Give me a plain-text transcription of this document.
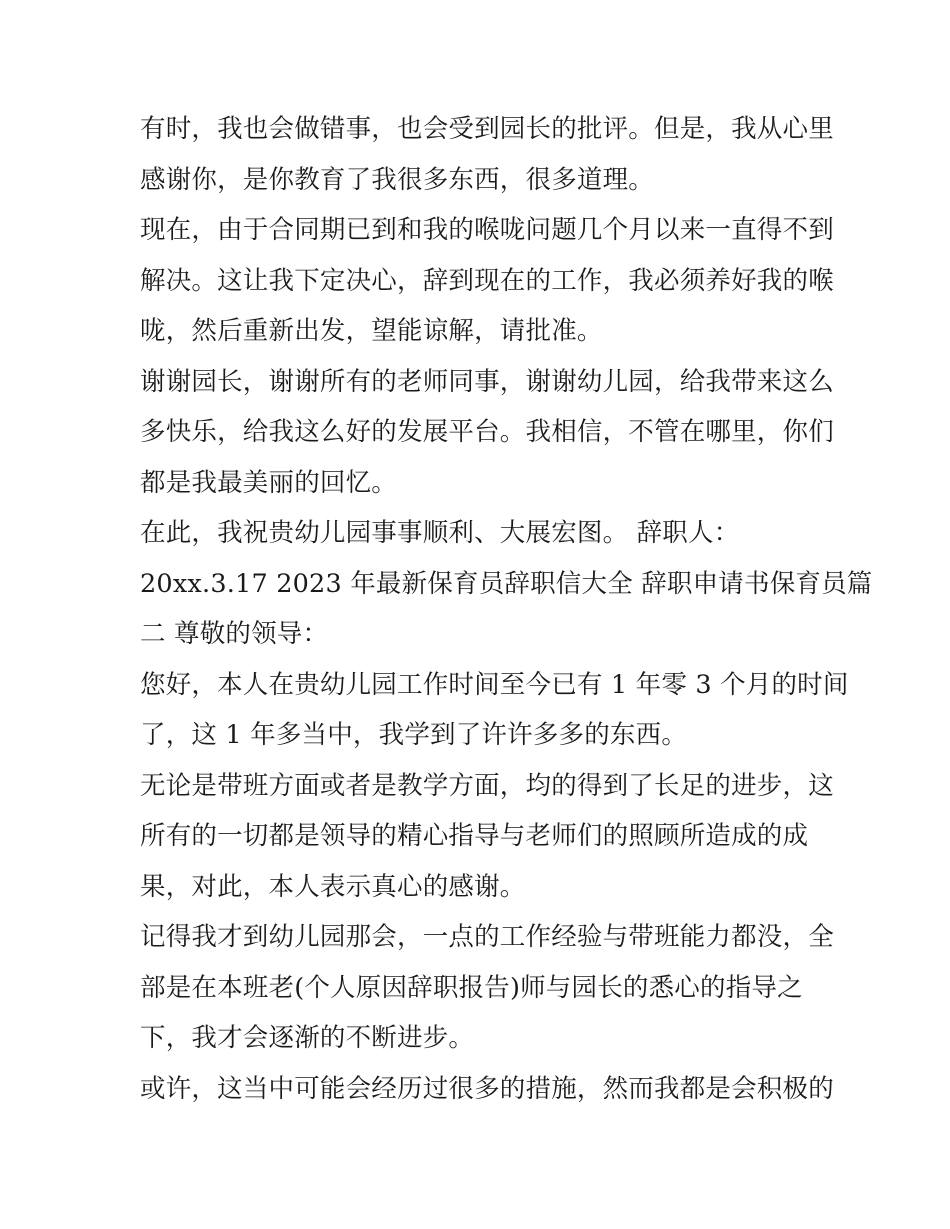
有时，我也会做错事，也会受到园长的批评。但是，我从心里
感谢你，是你教育了我很多东西，很多道理。
现在，由于合同期已到和我的喉咙问题几个月以来一直得不到
解决。这让我下定决心，辞到现在的工作，我必须养好我的喉
咙，然后重新出发，望能谅解，请批准。
谢谢园长，谢谢所有的老师同事，谢谢幼儿园，给我带来这么
多快乐，给我这么好的发展平台。我相信，不管在哪里，你们
都是我最美丽的回忆。
在此，我祝贵幼儿园事事顺利、大展宏图。 辞职人：
20xx.3.17 2023 年最新保育员辞职信大全 辞职申请书保育员篇
二 尊敬的领导：
您好，本人在贵幼儿园工作时间至今已有 1 年零 3 个月的时间
了，这 1 年多当中，我学到了许许多多的东西。
无论是带班方面或者是教学方面，均的得到了长足的进步，这
所有的一切都是领导的精心指导与老师们的照顾所造成的成
果，对此，本人表示真心的感谢。
记得我才到幼儿园那会，一点的工作经验与带班能力都没，全
部是在本班老(个人原因辞职报告)师与园长的悉心的指导之
下，我才会逐渐的不断进步。
或许，这当中可能会经历过很多的措施，然而我都是会积极的
